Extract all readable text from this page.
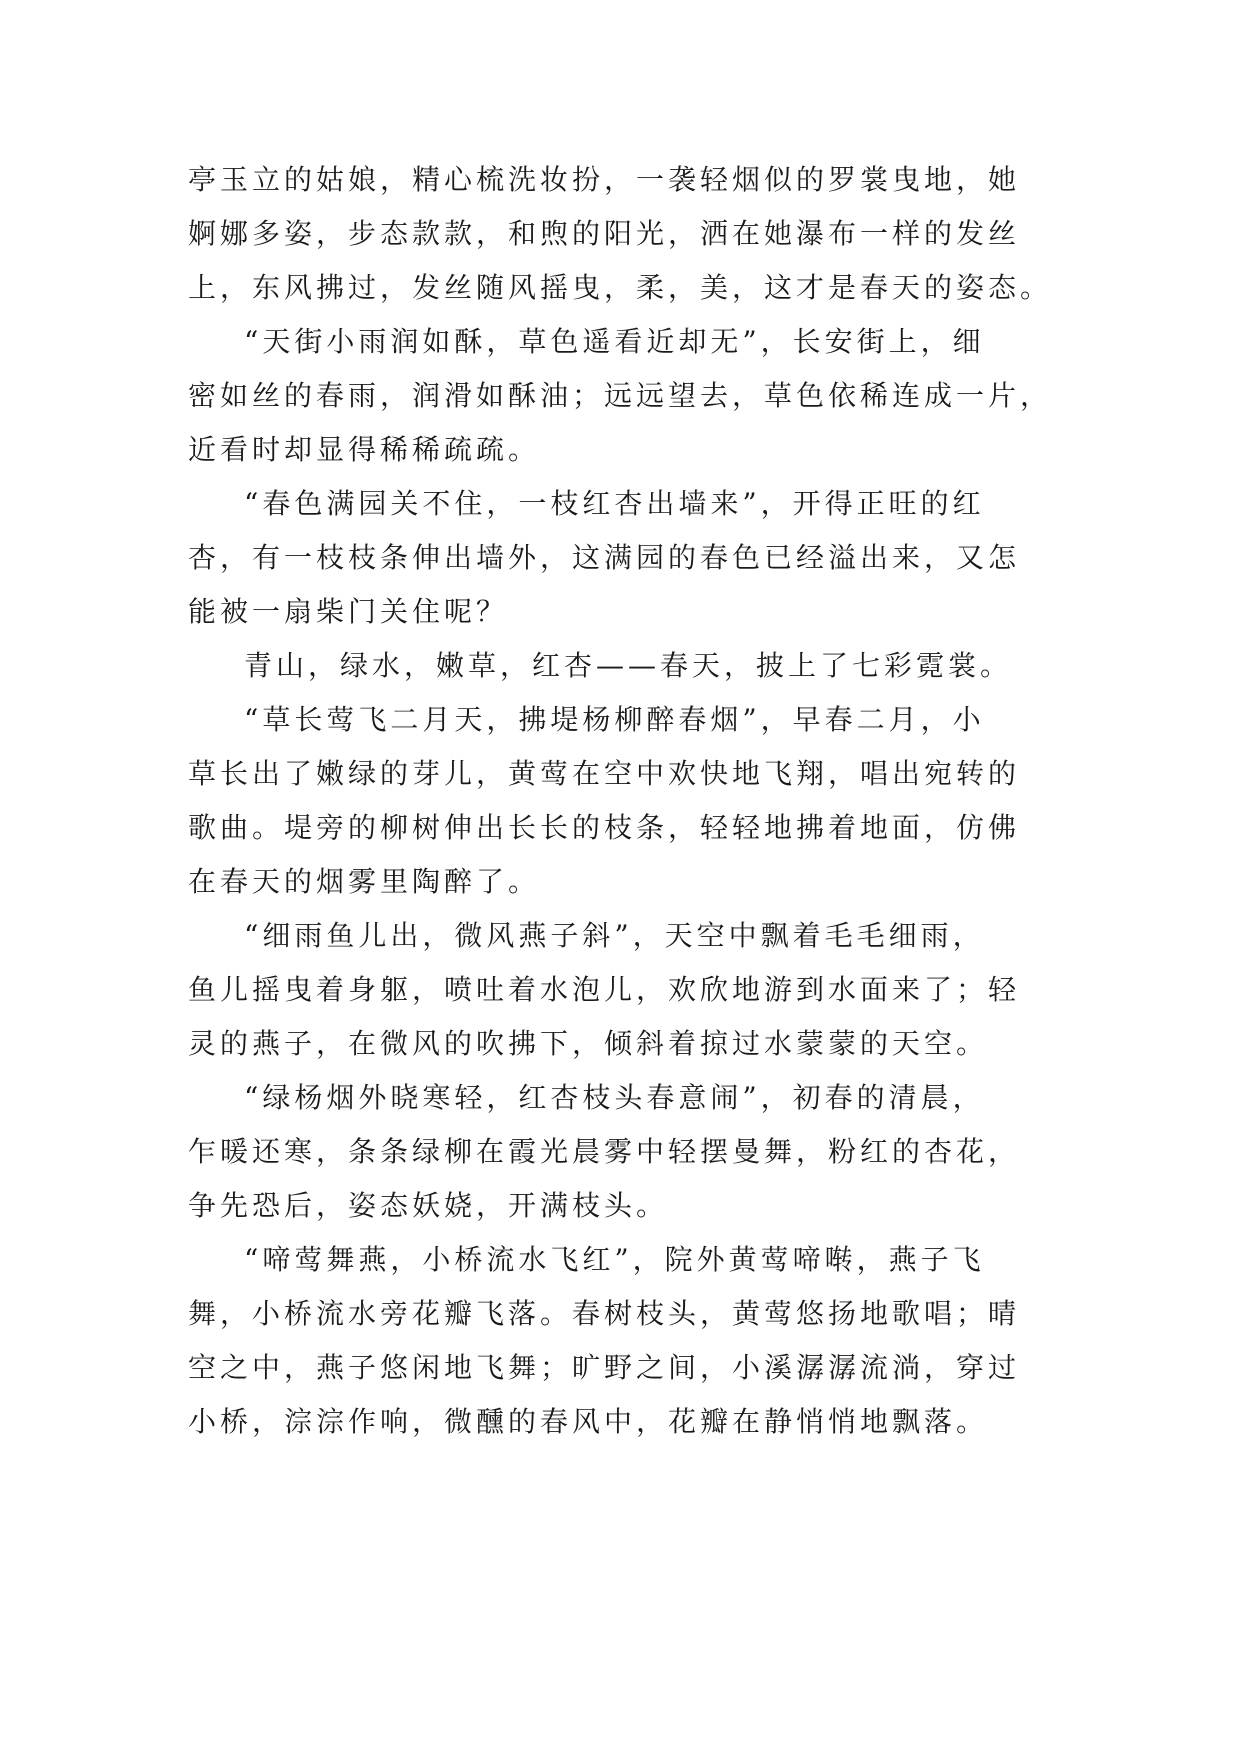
亭玉立的姑娘，精心梳洗妆扮，一袭轻烟似的罗裳曳地，她
婀娜多姿，步态款款，和煦的阳光，洒在她瀑布一样的发丝
上，东风拂过，发丝随风摇曳，柔，美，这才是春天的姿态。
“天街小雨润如酥，草色遥看近却无”，长安街上，细
密如丝的春雨，润滑如酥油；远远望去，草色依稀连成一片，
近看时却显得稀稀疏疏。
“春色满园关不住，一枝红杏出墙来”，开得正旺的红
杏，有一枝枝条伸出墙外，这满园的春色已经溢出来，又怎
能被一扇柴门关住呢？
青山，绿水，嫩草，红杏——春天，披上了七彩霓裳。
“草长莺飞二月天，拂堤杨柳醉春烟”，早春二月，小
草长出了嫩绿的芽儿，黄莺在空中欢快地飞翔，唱出宛转的
歌曲。堤旁的柳树伸出长长的枝条，轻轻地拂着地面，仿佛
在春天的烟雾里陶醉了。
“细雨鱼儿出，微风燕子斜”，天空中飘着毛毛细雨，
鱼儿摇曳着身躯，喷吐着水泡儿，欢欣地游到水面来了；轻
灵的燕子，在微风的吹拂下，倾斜着掠过水蒙蒙的天空。
“绿杨烟外晓寒轻，红杏枝头春意闹”，初春的清晨，
乍暖还寒，条条绿柳在霞光晨雾中轻摆曼舞，粉红的杏花，
争先恐后，姿态妖娆，开满枝头。
“啼莺舞燕，小桥流水飞红”，院外黄莺啼啭，燕子飞
舞，小桥流水旁花瓣飞落。春树枝头，黄莺悠扬地歌唱；晴
空之中，燕子悠闲地飞舞；旷野之间，小溪潺潺流淌，穿过
小桥，淙淙作响，微醺的春风中，花瓣在静悄悄地飘落。
